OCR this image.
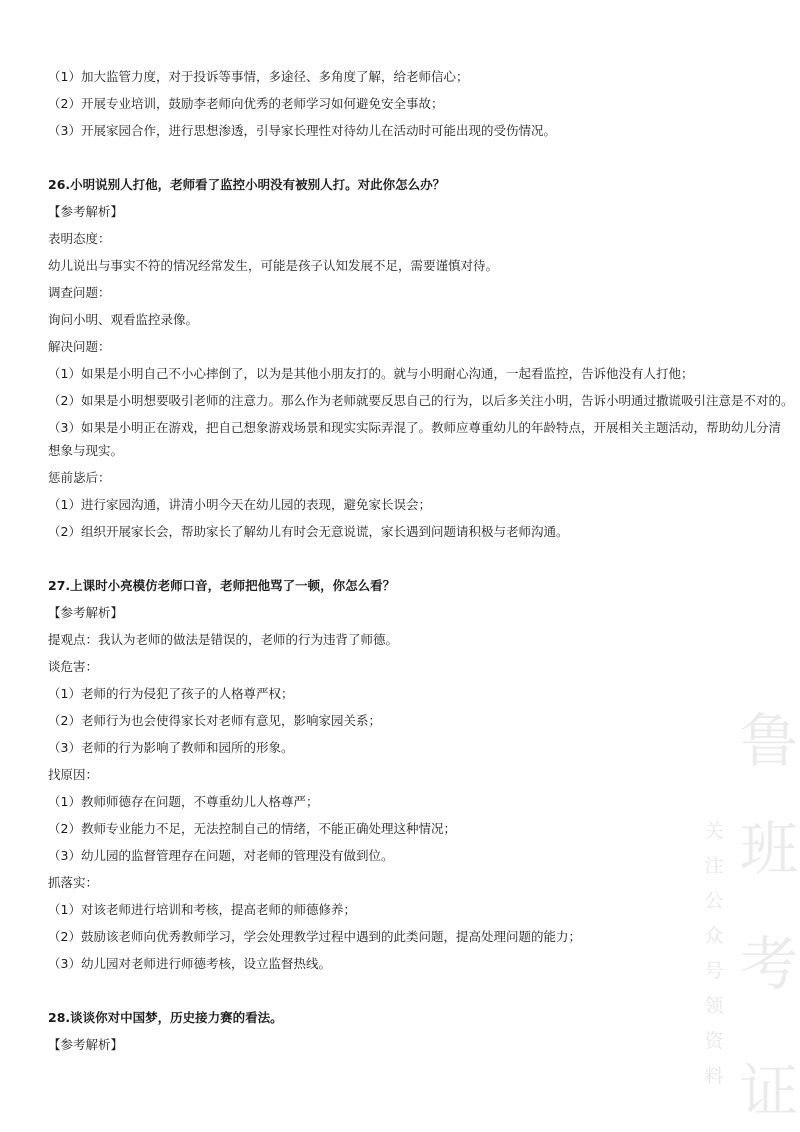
（1）加大监管力度，对于投诉等事情，多途径、多角度了解，给老师信心；
（2）开展专业培训，鼓励李老师向优秀的老师学习如何避免安全事故；
（3）开展家园合作，进行思想渗透，引导家长理性对待幼儿在活动时可能出现的受伤情况。
26.小明说别人打他，老师看了监控小明没有被别人打。对此你怎么办？
【参考解析】
表明态度：
幼儿说出与事实不符的情况经常发生，可能是孩子认知发展不足，需要谨慎对待。
调查问题：
询问小明、观看监控录像。
解决问题：
（1）如果是小明自己不小心摔倒了，以为是其他小朋友打的。就与小明耐心沟通，一起看监控，告诉他没有人打他；
（2）如果是小明想要吸引老师的注意力。那么作为老师就要反思自己的行为，以后多关注小明，告诉小明通过撒谎吸引注意是不对的。
（3）如果是小明正在游戏，把自己想象游戏场景和现实实际弄混了。教师应尊重幼儿的年龄特点，开展相关主题活动，帮助幼儿分清
想象与现实。
惩前毖后：
（1）进行家园沟通，讲清小明今天在幼儿园的表现，避免家长误会；
（2）组织开展家长会，帮助家长了解幼儿有时会无意说谎，家长遇到问题请积极与老师沟通。
27.上课时小亮模仿老师口音，老师把他骂了一顿，你怎么看？
【参考解析】
提观点：我认为老师的做法是错误的，老师的行为违背了师德。
谈危害：
（1）老师的行为侵犯了孩子的人格尊严权；
（2）老师行为也会使得家长对老师有意见，影响家园关系；
（3）老师的行为影响了教师和园所的形象。
找原因：
（1）教师师德存在问题，不尊重幼儿人格尊严；
（2）教师专业能力不足，无法控制自己的情绪，不能正确处理这种情况；
（3）幼儿园的监督管理存在问题，对老师的管理没有做到位。
抓落实：
（1）对该老师进行培训和考核，提高老师的师德修养；
（2）鼓励该老师向优秀教师学习，学会处理教学过程中遇到的此类问题，提高处理问题的能力；
（3）幼儿园对老师进行师德考核，设立监督热线。
28.谈谈你对中国梦，历史接力赛的看法。
【参考解析】
鲁
班
考
证
关
注
公
众
号
领
资
料
